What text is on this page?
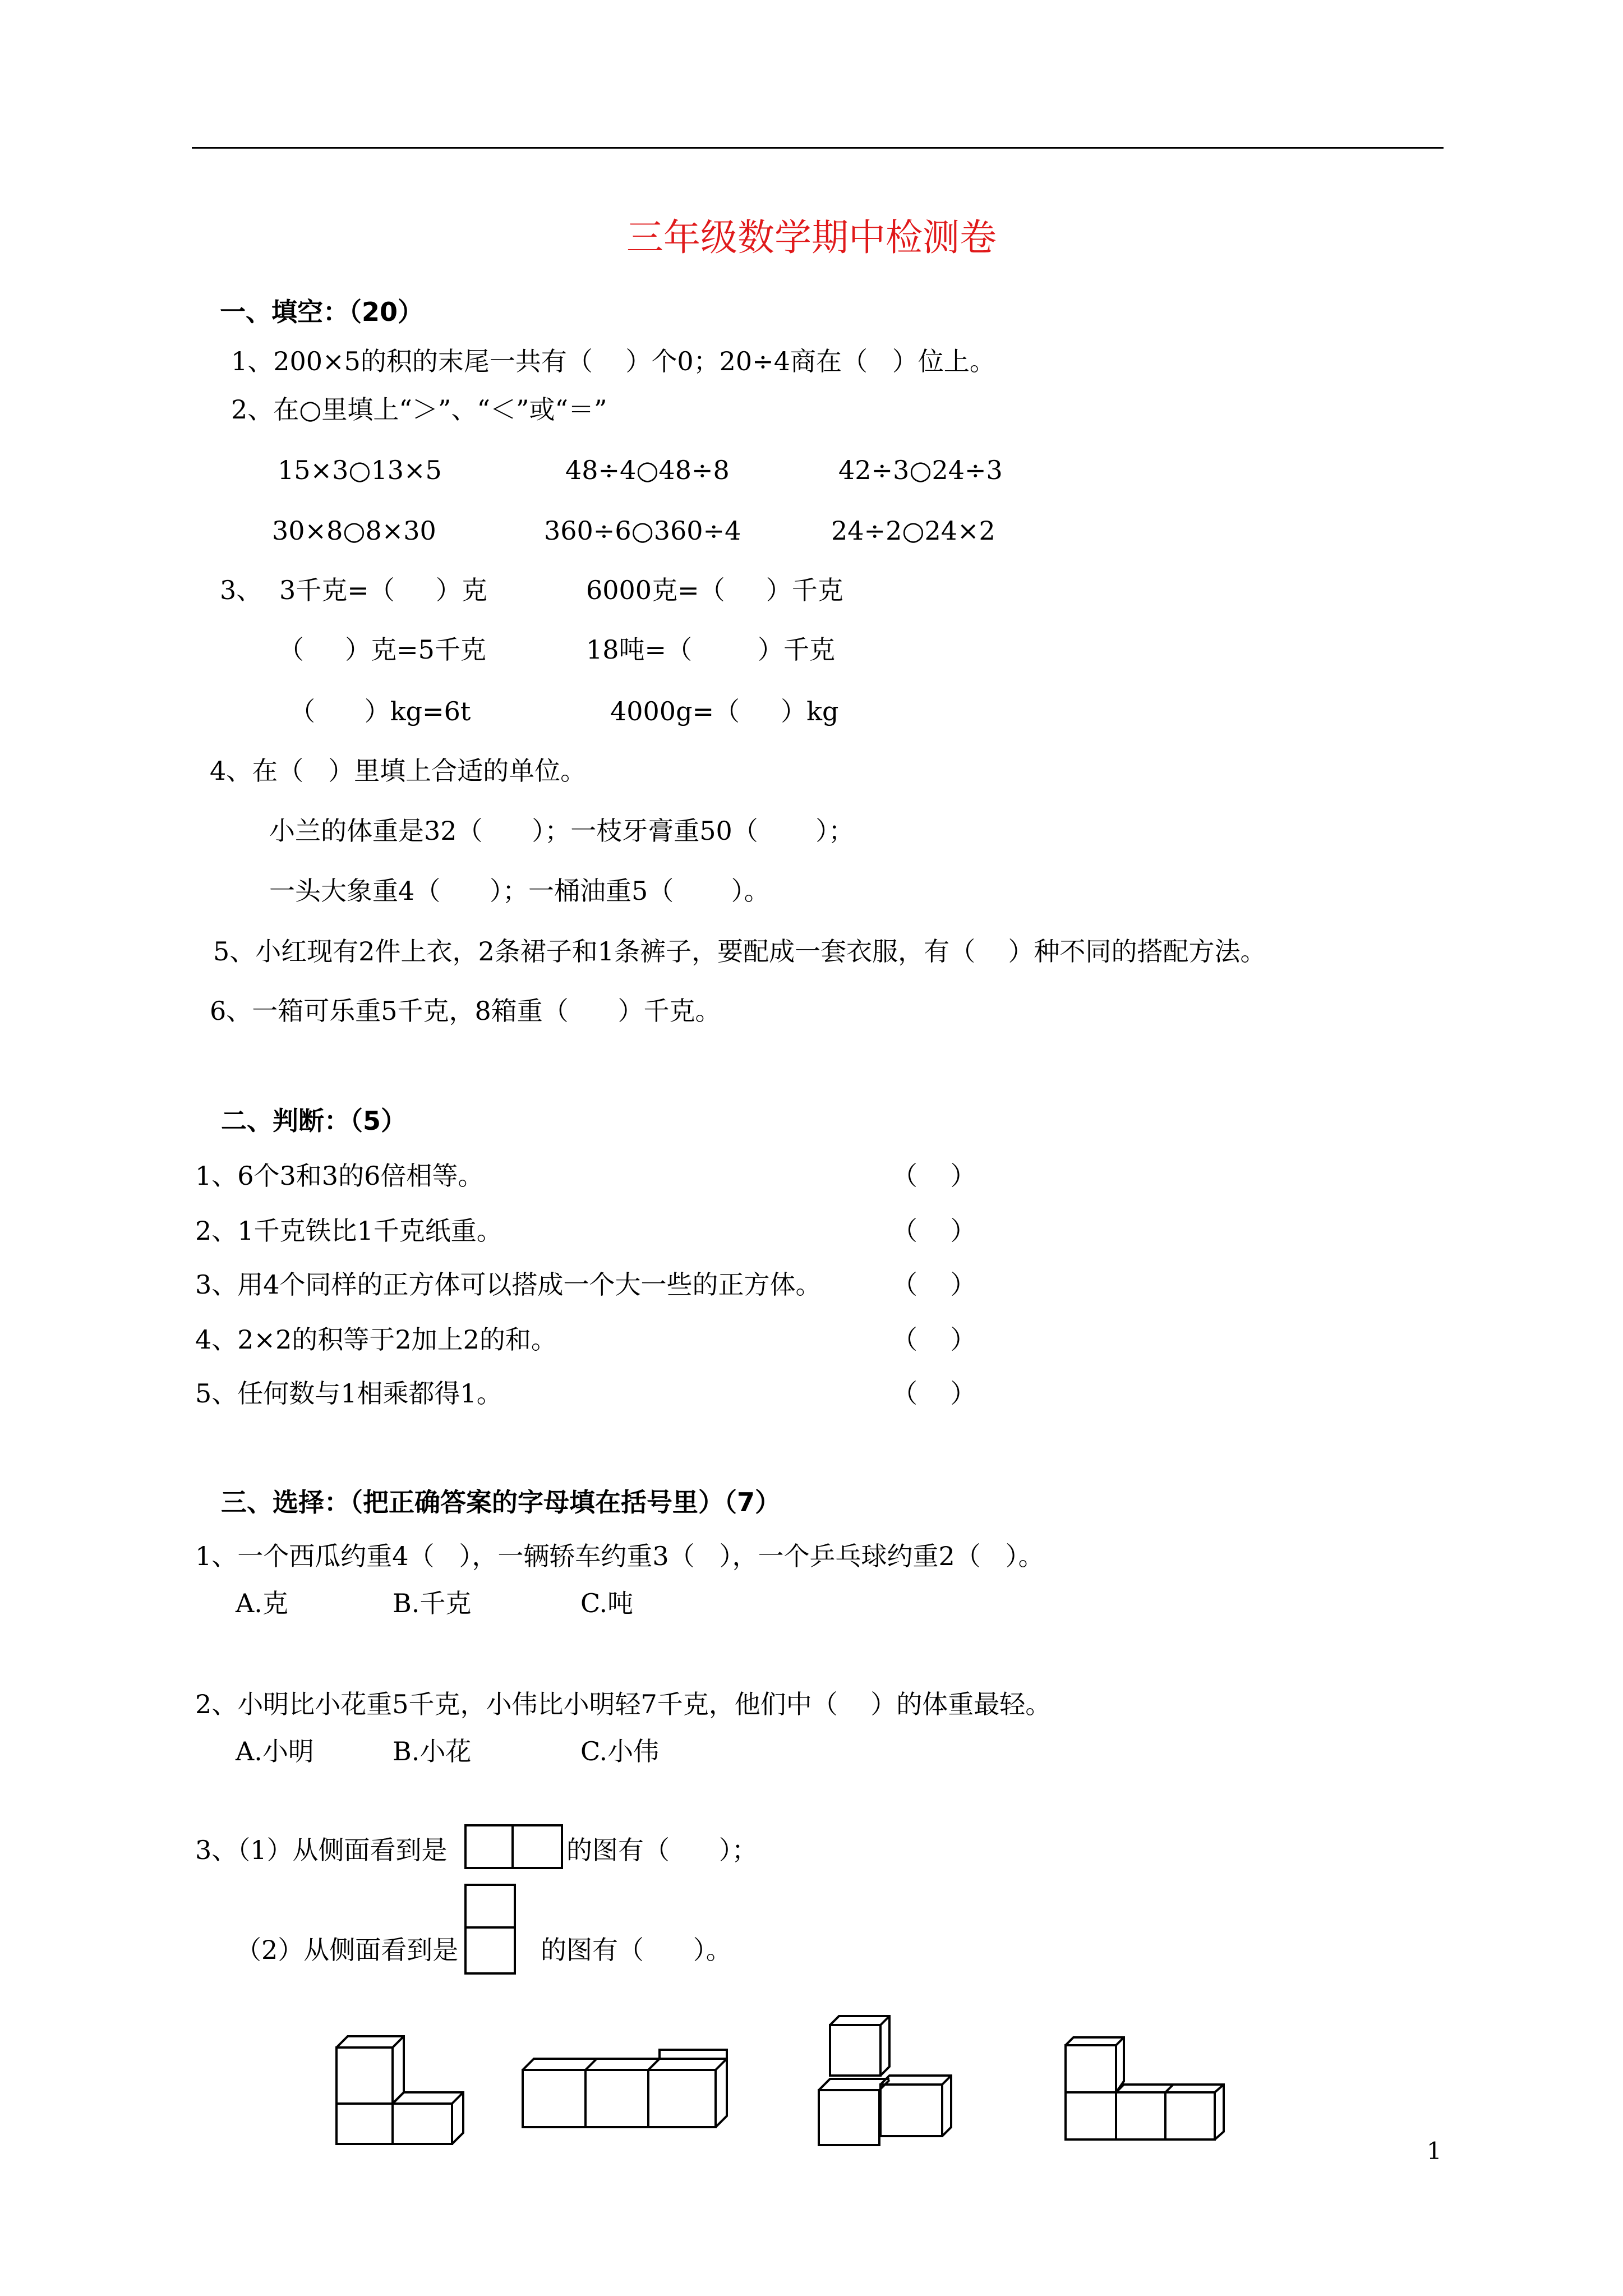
三年级数学期中检测卷
一、填空：（20）
1、200×5的积的末尾一共有（    ）个0；20÷4商在（   ）位上。
2、在○里填上“＞”、“＜”或“＝”
15×3○13×5	48÷4○48÷8	42÷3○24÷3
30×8○8×30	360÷6○360÷4	24÷2○24×2
3、 3千克=（     ）克	6000克=（     ）千克
（     ）克=5千克	18吨=（        ）千克
（      ）kg=6t	4000g=（     ）kg
4、在（   ）里填上合适的单位。
小兰的体重是32（      ）；一枝牙膏重50（       ）；
一头大象重4（      ）；一桶油重5（       ）。
5、小红现有2件上衣，2条裙子和1条裤子，要配成一套衣服，有（    ）种不同的搭配方法。
6、一箱可乐重5千克，8箱重（      ）千克。
二、判断：（5）
1、6个3和3的6倍相等。	（    ）
2、1千克铁比1千克纸重。	（    ）
3、用4个同样的正方体可以搭成一个大一些的正方体。	（    ）
4、2×2的积等于2加上2的和。	（    ）
5、任何数与1相乘都得1。	（    ）
三、选择：（把正确答案的字母填在括号里）（7）
1、一个西瓜约重4（   ），一辆轿车约重3（   ），一个乒乓球约重2（   ）。
A.克	B.千克	C.吨
2、小明比小花重5千克，小伟比小明轻7千克，他们中（    ）的体重最轻。
A.小明	B.小花	C.小伟
3、（1）从侧面看到是	的图有（      ）；
（2）从侧面看到是	的图有（      ）。
1
